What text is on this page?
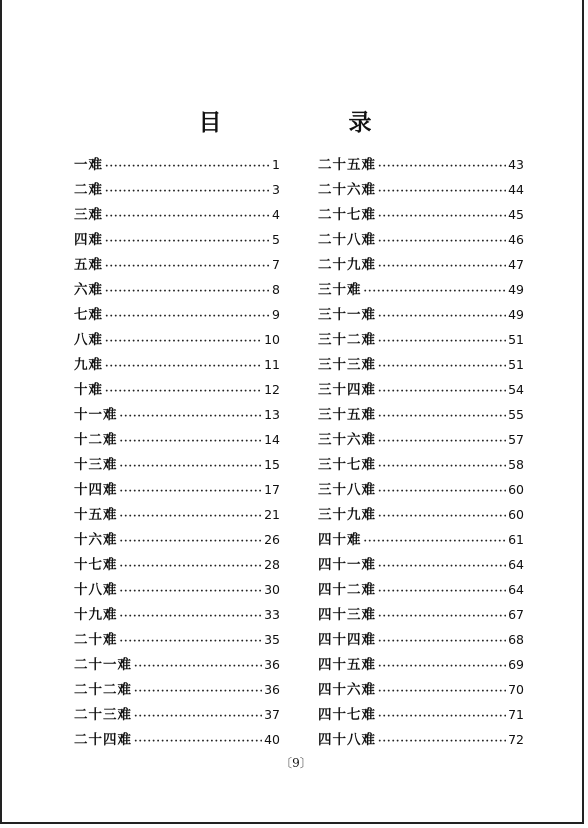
目　录
一难 ·····	1
二难 ·····	3
三难 ·····	4
四难 ·····	5
五难 ·····	7
六难 ·····	8
七难 ·····	9
八难 ·····	10
九难 ·····	11
十难 ·····	12
十一难 ·····	13
十二难 ·····	14
十三难 ·····	15
十四难 ·····	17
十五难 ·····	21
十六难 ·····	26
十七难 ·····	28
十八难 ·····	30
十九难 ·····	33
二十难 ·····	35
二十一难 ·····	36
二十二难 ·····	36
二十三难 ·····	37
二十四难 ·····	40
二十五难 ·····	43
二十六难 ·····	44
二十七难 ·····	45
二十八难 ·····	46
二十九难 ·····	47
三十难 ·····	49
三十一难 ·····	49
三十二难 ·····	51
三十三难 ·····	51
三十四难 ·····	54
三十五难 ·····	55
三十六难 ·····	57
三十七难 ·····	58
三十八难 ·····	60
三十九难 ·····	60
四十难 ·····	61
四十一难 ·····	64
四十二难 ·····	64
四十三难 ·····	67
四十四难 ·····	68
四十五难 ·····	69
四十六难 ·····	70
四十七难 ·····	71
四十八难 ·····	72
〔9〕
